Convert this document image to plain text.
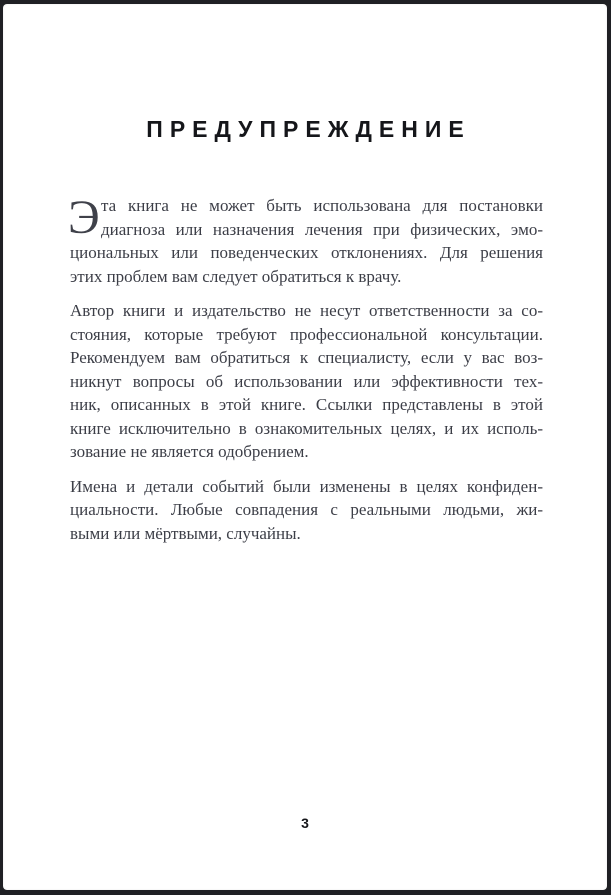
ПРЕДУПРЕЖДЕНИЕ

Э та книга не может быть использована для постановки
диагноза или назначения лечения при физических, эмо-
циональных или поведенческих отклонениях. Для решения
этих проблем вам следует обратиться к врачу.

Автор книги и издательство не несут ответственности за со-
стояния, которые требуют профессиональной консультации.
Рекомендуем вам обратиться к специалисту, если у вас воз-
никнут вопросы об использовании или эффективности тех-
ник, описанных в этой книге. Ссылки представлены в этой
книге исключительно в ознакомительных целях, и их исполь-
зование не является одобрением.

Имена и детали событий были изменены в целях конфиден-
циальности. Любые совпадения с реальными людьми, жи-
выми или мёртвыми, случайны.

3
